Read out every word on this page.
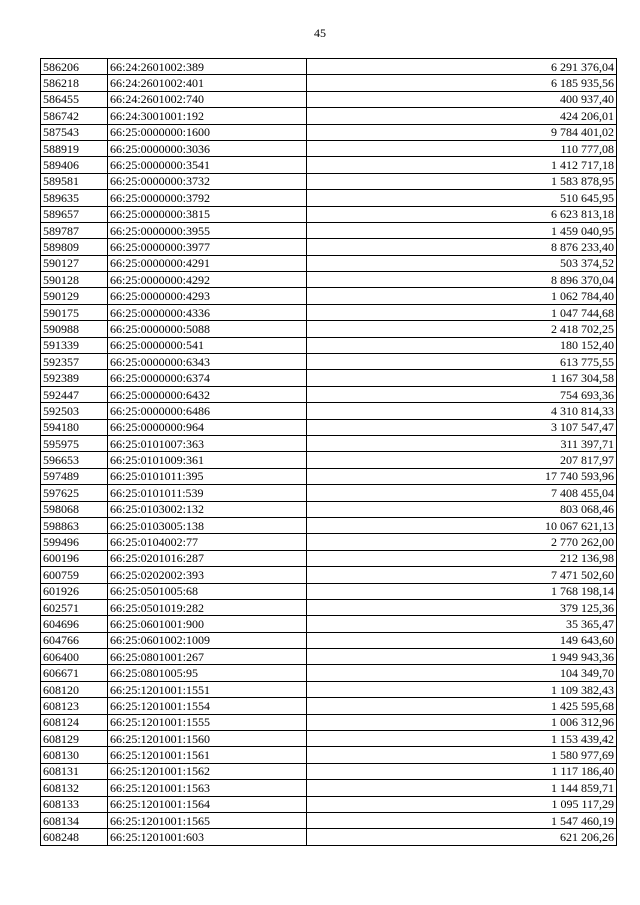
45
586206	66:24:2601002:389	6 291 376,04
586218	66:24:2601002:401	6 185 935,56
586455	66:24:2601002:740	400 937,40
586742	66:24:3001001:192	424 206,01
587543	66:25:0000000:1600	9 784 401,02
588919	66:25:0000000:3036	110 777,08
589406	66:25:0000000:3541	1 412 717,18
589581	66:25:0000000:3732	1 583 878,95
589635	66:25:0000000:3792	510 645,95
589657	66:25:0000000:3815	6 623 813,18
589787	66:25:0000000:3955	1 459 040,95
589809	66:25:0000000:3977	8 876 233,40
590127	66:25:0000000:4291	503 374,52
590128	66:25:0000000:4292	8 896 370,04
590129	66:25:0000000:4293	1 062 784,40
590175	66:25:0000000:4336	1 047 744,68
590988	66:25:0000000:5088	2 418 702,25
591339	66:25:0000000:541	180 152,40
592357	66:25:0000000:6343	613 775,55
592389	66:25:0000000:6374	1 167 304,58
592447	66:25:0000000:6432	754 693,36
592503	66:25:0000000:6486	4 310 814,33
594180	66:25:0000000:964	3 107 547,47
595975	66:25:0101007:363	311 397,71
596653	66:25:0101009:361	207 817,97
597489	66:25:0101011:395	17 740 593,96
597625	66:25:0101011:539	7 408 455,04
598068	66:25:0103002:132	803 068,46
598863	66:25:0103005:138	10 067 621,13
599496	66:25:0104002:77	2 770 262,00
600196	66:25:0201016:287	212 136,98
600759	66:25:0202002:393	7 471 502,60
601926	66:25:0501005:68	1 768 198,14
602571	66:25:0501019:282	379 125,36
604696	66:25:0601001:900	35 365,47
604766	66:25:0601002:1009	149 643,60
606400	66:25:0801001:267	1 949 943,36
606671	66:25:0801005:95	104 349,70
608120	66:25:1201001:1551	1 109 382,43
608123	66:25:1201001:1554	1 425 595,68
608124	66:25:1201001:1555	1 006 312,96
608129	66:25:1201001:1560	1 153 439,42
608130	66:25:1201001:1561	1 580 977,69
608131	66:25:1201001:1562	1 117 186,40
608132	66:25:1201001:1563	1 144 859,71
608133	66:25:1201001:1564	1 095 117,29
608134	66:25:1201001:1565	1 547 460,19
608248	66:25:1201001:603	621 206,26
